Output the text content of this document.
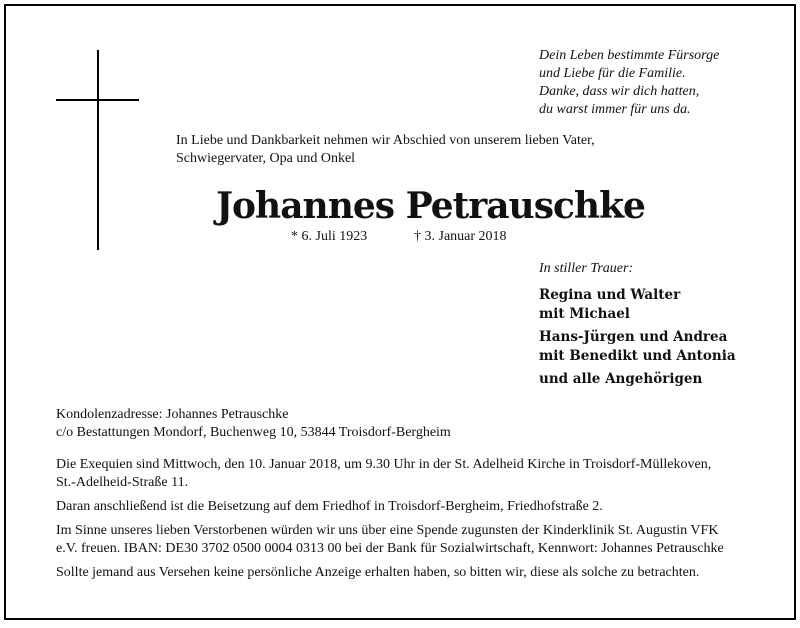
Dein Leben bestimmte Fürsorge
und Liebe für die Familie.
Danke, dass wir dich hatten,
du warst immer für uns da.
In Liebe und Dankbarkeit nehmen wir Abschied von unserem lieben Vater,
Schwiegervater, Opa und Onkel
Johannes Petrauschke
* 6. Juli 1923	† 3. Januar 2018
In stiller Trauer:
Regina und Walter
mit Michael
Hans-Jürgen und Andrea
mit Benedikt und Antonia
und alle Angehörigen

Kondolenzadresse: Johannes Petrauschke
c/o Bestattungen Mondorf, Buchenweg 10, 53844 Troisdorf-Bergheim

Die Exequien sind Mittwoch, den 10. Januar 2018, um 9.30 Uhr in der St. Adelheid Kirche in Troisdorf-Müllekoven,
St.-Adelheid-Straße 11.

Daran anschließend ist die Beisetzung auf dem Friedhof in Troisdorf-Bergheim, Friedhofstraße 2.

Im Sinne unseres lieben Verstorbenen würden wir uns über eine Spende zugunsten der Kinderklinik St. Augustin VFK
e.V. freuen. IBAN: DE30 3702 0500 0004 0313 00 bei der Bank für Sozialwirtschaft, Kennwort: Johannes Petrauschke

Sollte jemand aus Versehen keine persönliche Anzeige erhalten haben, so bitten wir, diese als solche zu betrachten.
